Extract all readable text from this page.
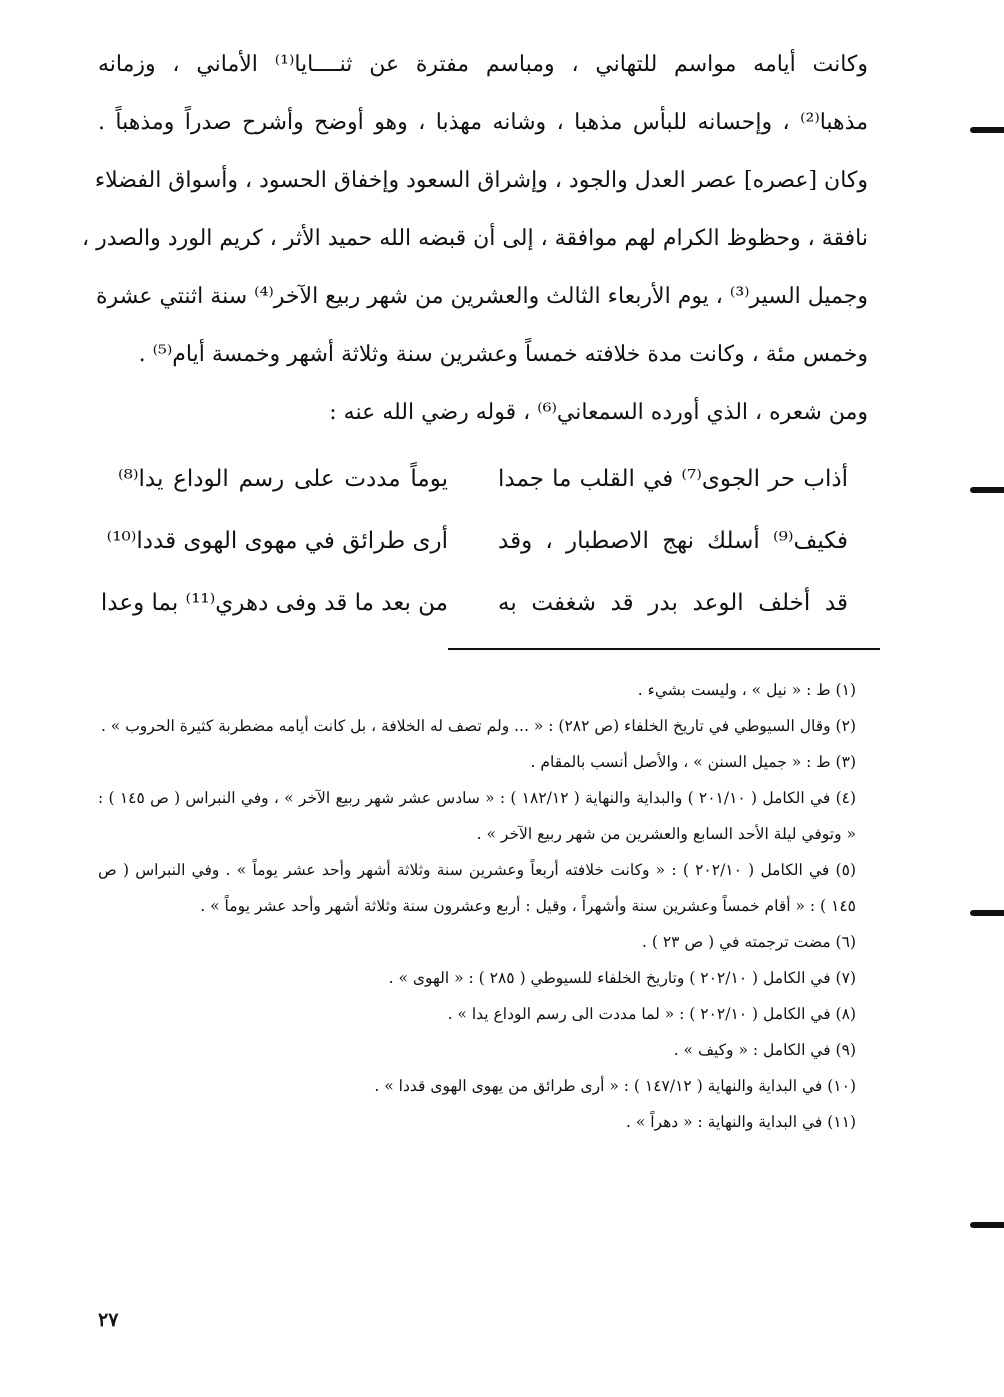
وكانت أيامه مواسم للتهاني ، ومباسم مفترة عن ثنــــايا⁽¹⁾ الأماني ، وزمانه
مذهبا⁽²⁾ ، وإحسانه للبأس مذهبا ، وشانه مهذبا ، وهو أوضح وأشرح صدراً ومذهباً .
وكان [عصره] عصر العدل والجود ، وإشراق السعود وإخفاق الحسود ، وأسواق الفضلاء
نافقة ، وحظوظ الكرام لهم موافقة ، إلى أن قبضه الله حميد الأثر ، كريم الورد والصدر ،
وجميل السير⁽³⁾ ، يوم الأربعاء الثالث والعشرين من شهر ربيع الآخر⁽⁴⁾ سنة اثنتي عشرة
وخمس مئة ، وكانت مدة خلافته خمساً وعشرين سنة وثلاثة أشهر وخمسة أيام⁽⁵⁾ .
ومن شعره ، الذي أورده السمعاني⁽⁶⁾ ، قوله رضي الله عنه :
أذاب حر الجوى⁽⁷⁾ في القلب ما جمدا
يوماً مددت على رسم الوداع يدا⁽⁸⁾
فكيف⁽⁹⁾ أسلك نهج الاصطبار ، وقد
أرى طرائق في مهوى الهوى قددا⁽¹⁰⁾
قد أخلف الوعد بدر قد شغفت به
من بعد ما قد وفى دهري⁽¹¹⁾ بما وعدا
(١) ط : « نيل » ، وليست بشيء .
(٢) وقال السيوطي في تاريخ الخلفاء (ص ٢٨٢) : « ... ولم تصف له الخلافة ، بل كانت أيامه مضطربة كثيرة الحروب » .
(٣) ط : « جميل السنن » ، والأصل أنسب بالمقام .
(٤) في الكامل ( ٢٠١/١٠ ) والبداية والنهاية ( ١٨٢/١٢ ) : « سادس عشر شهر ربيع الآخر » ، وفي النبراس ( ص ١٤٥ ) : « وتوفي ليلة الأحد السابع والعشرين من شهر ربيع الآخر » .
(٥) في الكامل ( ٢٠٢/١٠ ) : « وكانت خلافته أربعاً وعشرين سنة وثلاثة أشهر وأحد عشر يوماً » . وفي النبراس ( ص ١٤٥ ) : « أقام خمساً وعشرين سنة وأشهراً ، وقيل : أربع وعشرون سنة وثلاثة أشهر وأحد عشر يوماً » .
(٦) مضت ترجمته في ( ص ٢٣ ) .
(٧) في الكامل ( ٢٠٢/١٠ ) وتاريخ الخلفاء للسيوطي ( ٢٨٥ ) : « الهوى » .
(٨) في الكامل ( ٢٠٢/١٠ ) : « لما مددت الى رسم الوداع يدا » .
(٩) في الكامل : « وكيف » .
(١٠) في البداية والنهاية ( ١٤٧/١٢ ) : « أرى طرائق من يهوى الهوى قددا » .
(١١) في البداية والنهاية : « دهراً » .
٢٧
